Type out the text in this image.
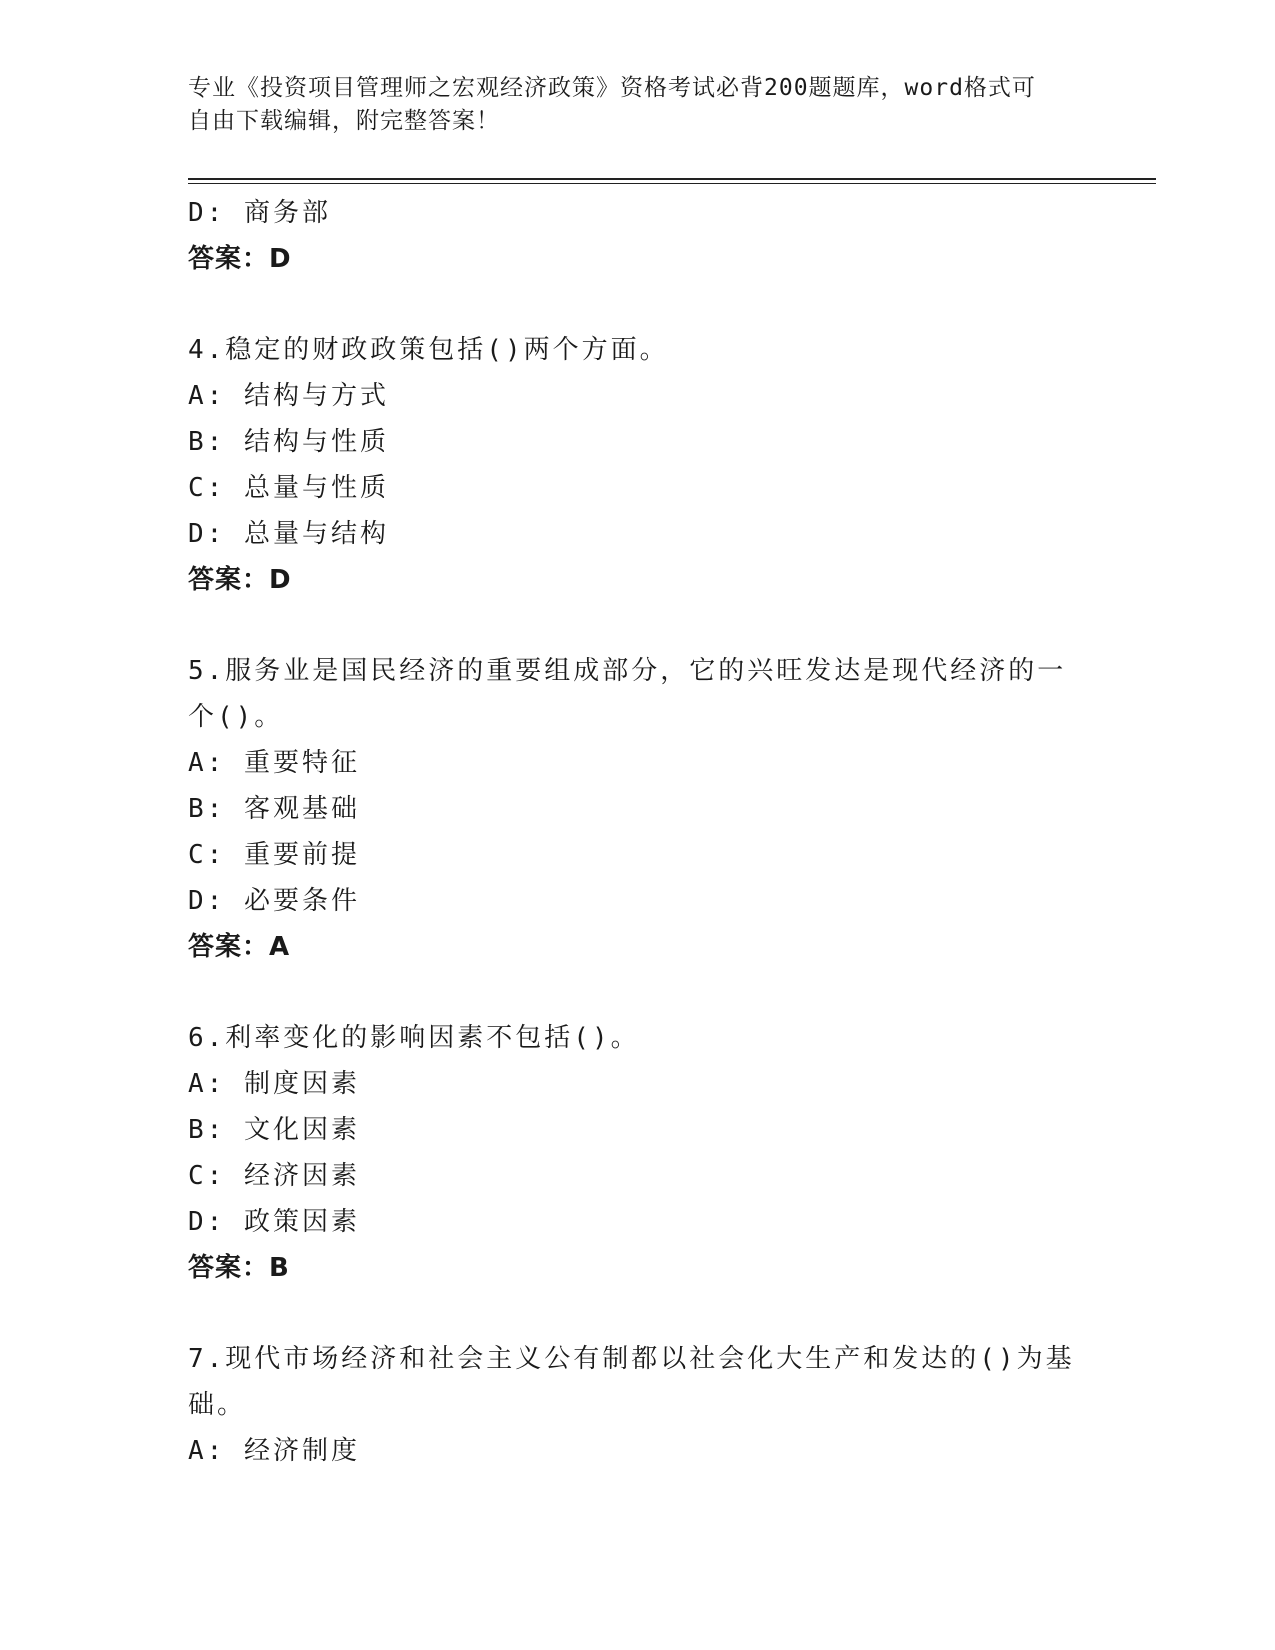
专业《投资项目管理师之宏观经济政策》资格考试必背200题题库，word格式可
自由下载编辑，附完整答案！
D: 商务部
答案：D
4.稳定的财政政策包括()两个方面。
A: 结构与方式
B: 结构与性质
C: 总量与性质
D: 总量与结构
答案：D
5.服务业是国民经济的重要组成部分，它的兴旺发达是现代经济的一
个()。
A: 重要特征
B: 客观基础
C: 重要前提
D: 必要条件
答案：A
6.利率变化的影响因素不包括()。
A: 制度因素
B: 文化因素
C: 经济因素
D: 政策因素
答案：B
7.现代市场经济和社会主义公有制都以社会化大生产和发达的()为基
础。
A: 经济制度
